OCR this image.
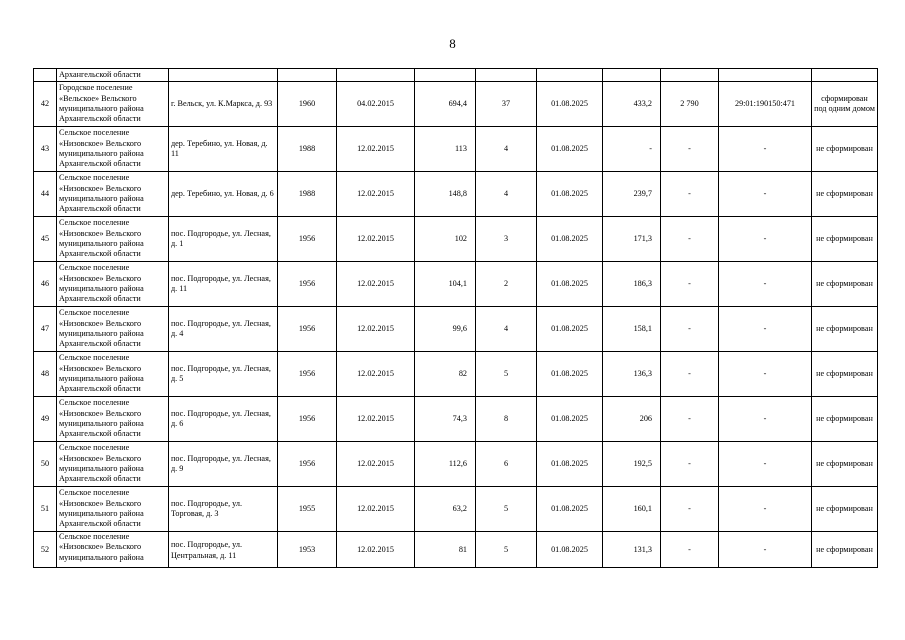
8
	Архангельской области										
42	Городское поселение «Вельское» Вельского муниципального района Архангельской области	г. Вельск, ул. К.Маркса, д. 93	1960	04.02.2015	694,4	37	01.08.2025	433,2	2 790	29:01:190150:471	сформирован под одним домом
43	Сельское поселение «Низовское» Вельского муниципального района Архангельской области	дер. Теребино, ул. Новая, д. 11	1988	12.02.2015	113	4	01.08.2025	-	-	-	не сформирован
44	Сельское поселение «Низовское» Вельского муниципального района Архангельской области	дер. Теребино, ул. Новая, д. 6	1988	12.02.2015	148,8	4	01.08.2025	239,7	-	-	не сформирован
45	Сельское поселение «Низовское» Вельского муниципального района Архангельской области	пос. Подгородье, ул. Лесная, д. 1	1956	12.02.2015	102	3	01.08.2025	171,3	-	-	не сформирован
46	Сельское поселение «Низовское» Вельского муниципального района Архангельской области	пос. Подгородье, ул. Лесная, д. 11	1956	12.02.2015	104,1	2	01.08.2025	186,3	-	-	не сформирован
47	Сельское поселение «Низовское» Вельского муниципального района Архангельской области	пос. Подгородье, ул. Лесная, д. 4	1956	12.02.2015	99,6	4	01.08.2025	158,1	-	-	не сформирован
48	Сельское поселение «Низовское» Вельского муниципального района Архангельской области	пос. Подгородье, ул. Лесная, д. 5	1956	12.02.2015	82	5	01.08.2025	136,3	-	-	не сформирован
49	Сельское поселение «Низовское» Вельского муниципального района Архангельской области	пос. Подгородье, ул. Лесная, д. 6	1956	12.02.2015	74,3	8	01.08.2025	206	-	-	не сформирован
50	Сельское поселение «Низовское» Вельского муниципального района Архангельской области	пос. Подгородье, ул. Лесная, д. 9	1956	12.02.2015	112,6	6	01.08.2025	192,5	-	-	не сформирован
51	Сельское поселение «Низовское» Вельского муниципального района Архангельской области	пос. Подгородье, ул. Торговая, д. 3	1955	12.02.2015	63,2	5	01.08.2025	160,1	-	-	не сформирован
52	Сельское поселение «Низовское» Вельского муниципального района	пос. Подгородье, ул. Центральная, д. 11	1953	12.02.2015	81	5	01.08.2025	131,3	-	-	не сформирован
